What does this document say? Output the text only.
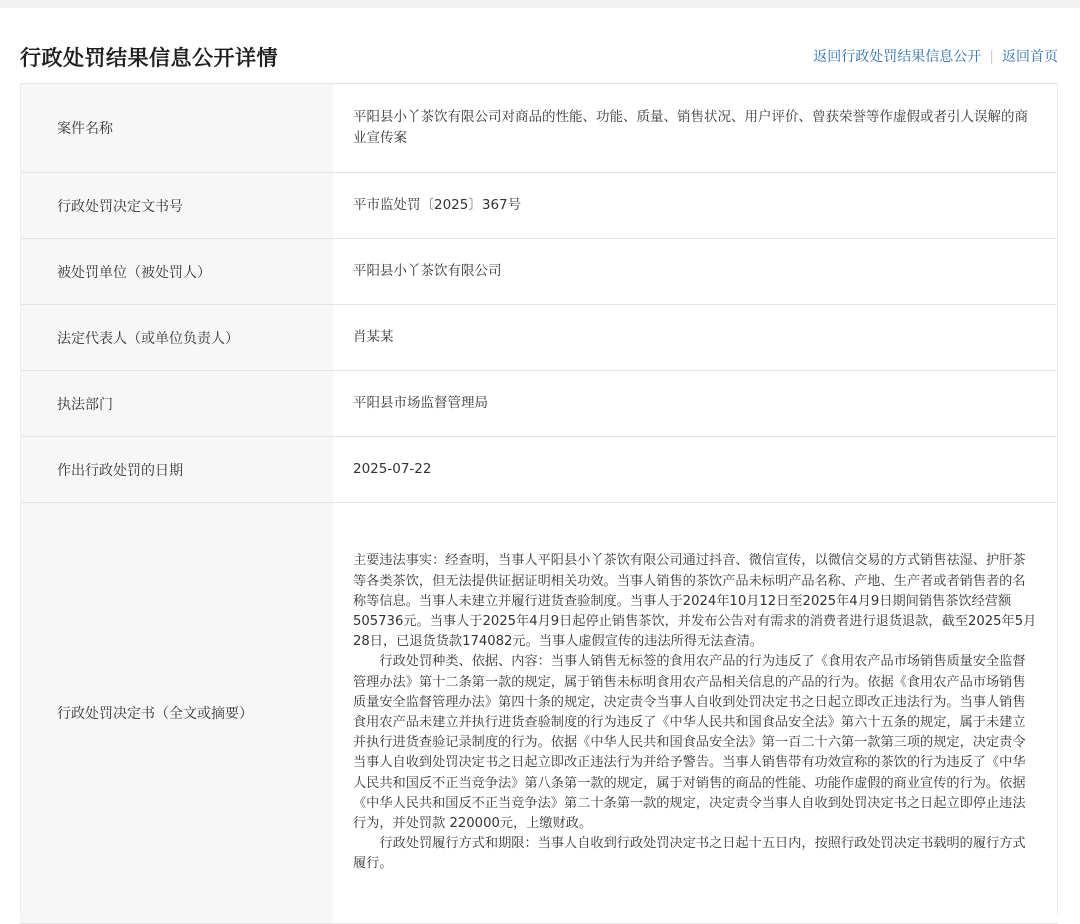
行政处罚结果信息公开详情	返回行政处罚结果信息公开 | 返回首页
案件名称	平阳县小丫茶饮有限公司对商品的性能、功能、质量、销售状况、用户评价、曾获荣誉等作虚假或者引人误解的商业宣传案
行政处罚决定文书号	平市监处罚〔2025〕367号
被处罚单位（被处罚人）	平阳县小丫茶饮有限公司
法定代表人（或单位负责人）	肖某某
执法部门	平阳县市场监督管理局
作出行政处罚的日期	2025-07-22
行政处罚决定书（全文或摘要）	主要违法事实：经查明，当事人平阳县小丫茶饮有限公司通过抖音、微信宣传，以微信交易的方式销售祛湿、护肝茶等各类茶饮，但无法提供证据证明相关功效。当事人销售的茶饮产品未标明产品名称、产地、生产者或者销售者的名称等信息。当事人未建立并履行进货查验制度。当事人于2024年10月12日至2025年4月9日期间销售茶饮经营额505736元。当事人于2025年4月9日起停止销售茶饮，并发布公告对有需求的消费者进行退货退款，截至2025年5月28日，已退货货款174082元。当事人虚假宣传的违法所得无法查清。
行政处罚种类、依据、内容：当事人销售无标签的食用农产品的行为违反了《食用农产品市场销售质量安全监督管理办法》第十二条第一款的规定，属于销售未标明食用农产品相关信息的产品的行为。依据《食用农产品市场销售质量安全监督管理办法》第四十条的规定，决定责令当事人自收到处罚决定书之日起立即改正违法行为。当事人销售食用农产品未建立并执行进货查验制度的行为违反了《中华人民共和国食品安全法》第六十五条的规定，属于未建立并执行进货查验记录制度的行为。依据《中华人民共和国食品安全法》第一百二十六第一款第三项的规定，决定责令当事人自收到处罚决定书之日起立即改正违法行为并给予警告。当事人销售带有功效宣称的茶饮的行为违反了《中华人民共和国反不正当竞争法》第八条第一款的规定，属于对销售的商品的性能、功能作虚假的商业宣传的行为。依据《中华人民共和国反不正当竞争法》第二十条第一款的规定，决定责令当事人自收到处罚决定书之日起立即停止违法行为，并处罚款 220000元，上缴财政。
行政处罚履行方式和期限：当事人自收到行政处罚决定书之日起十五日内，按照行政处罚决定书载明的履行方式履行。
